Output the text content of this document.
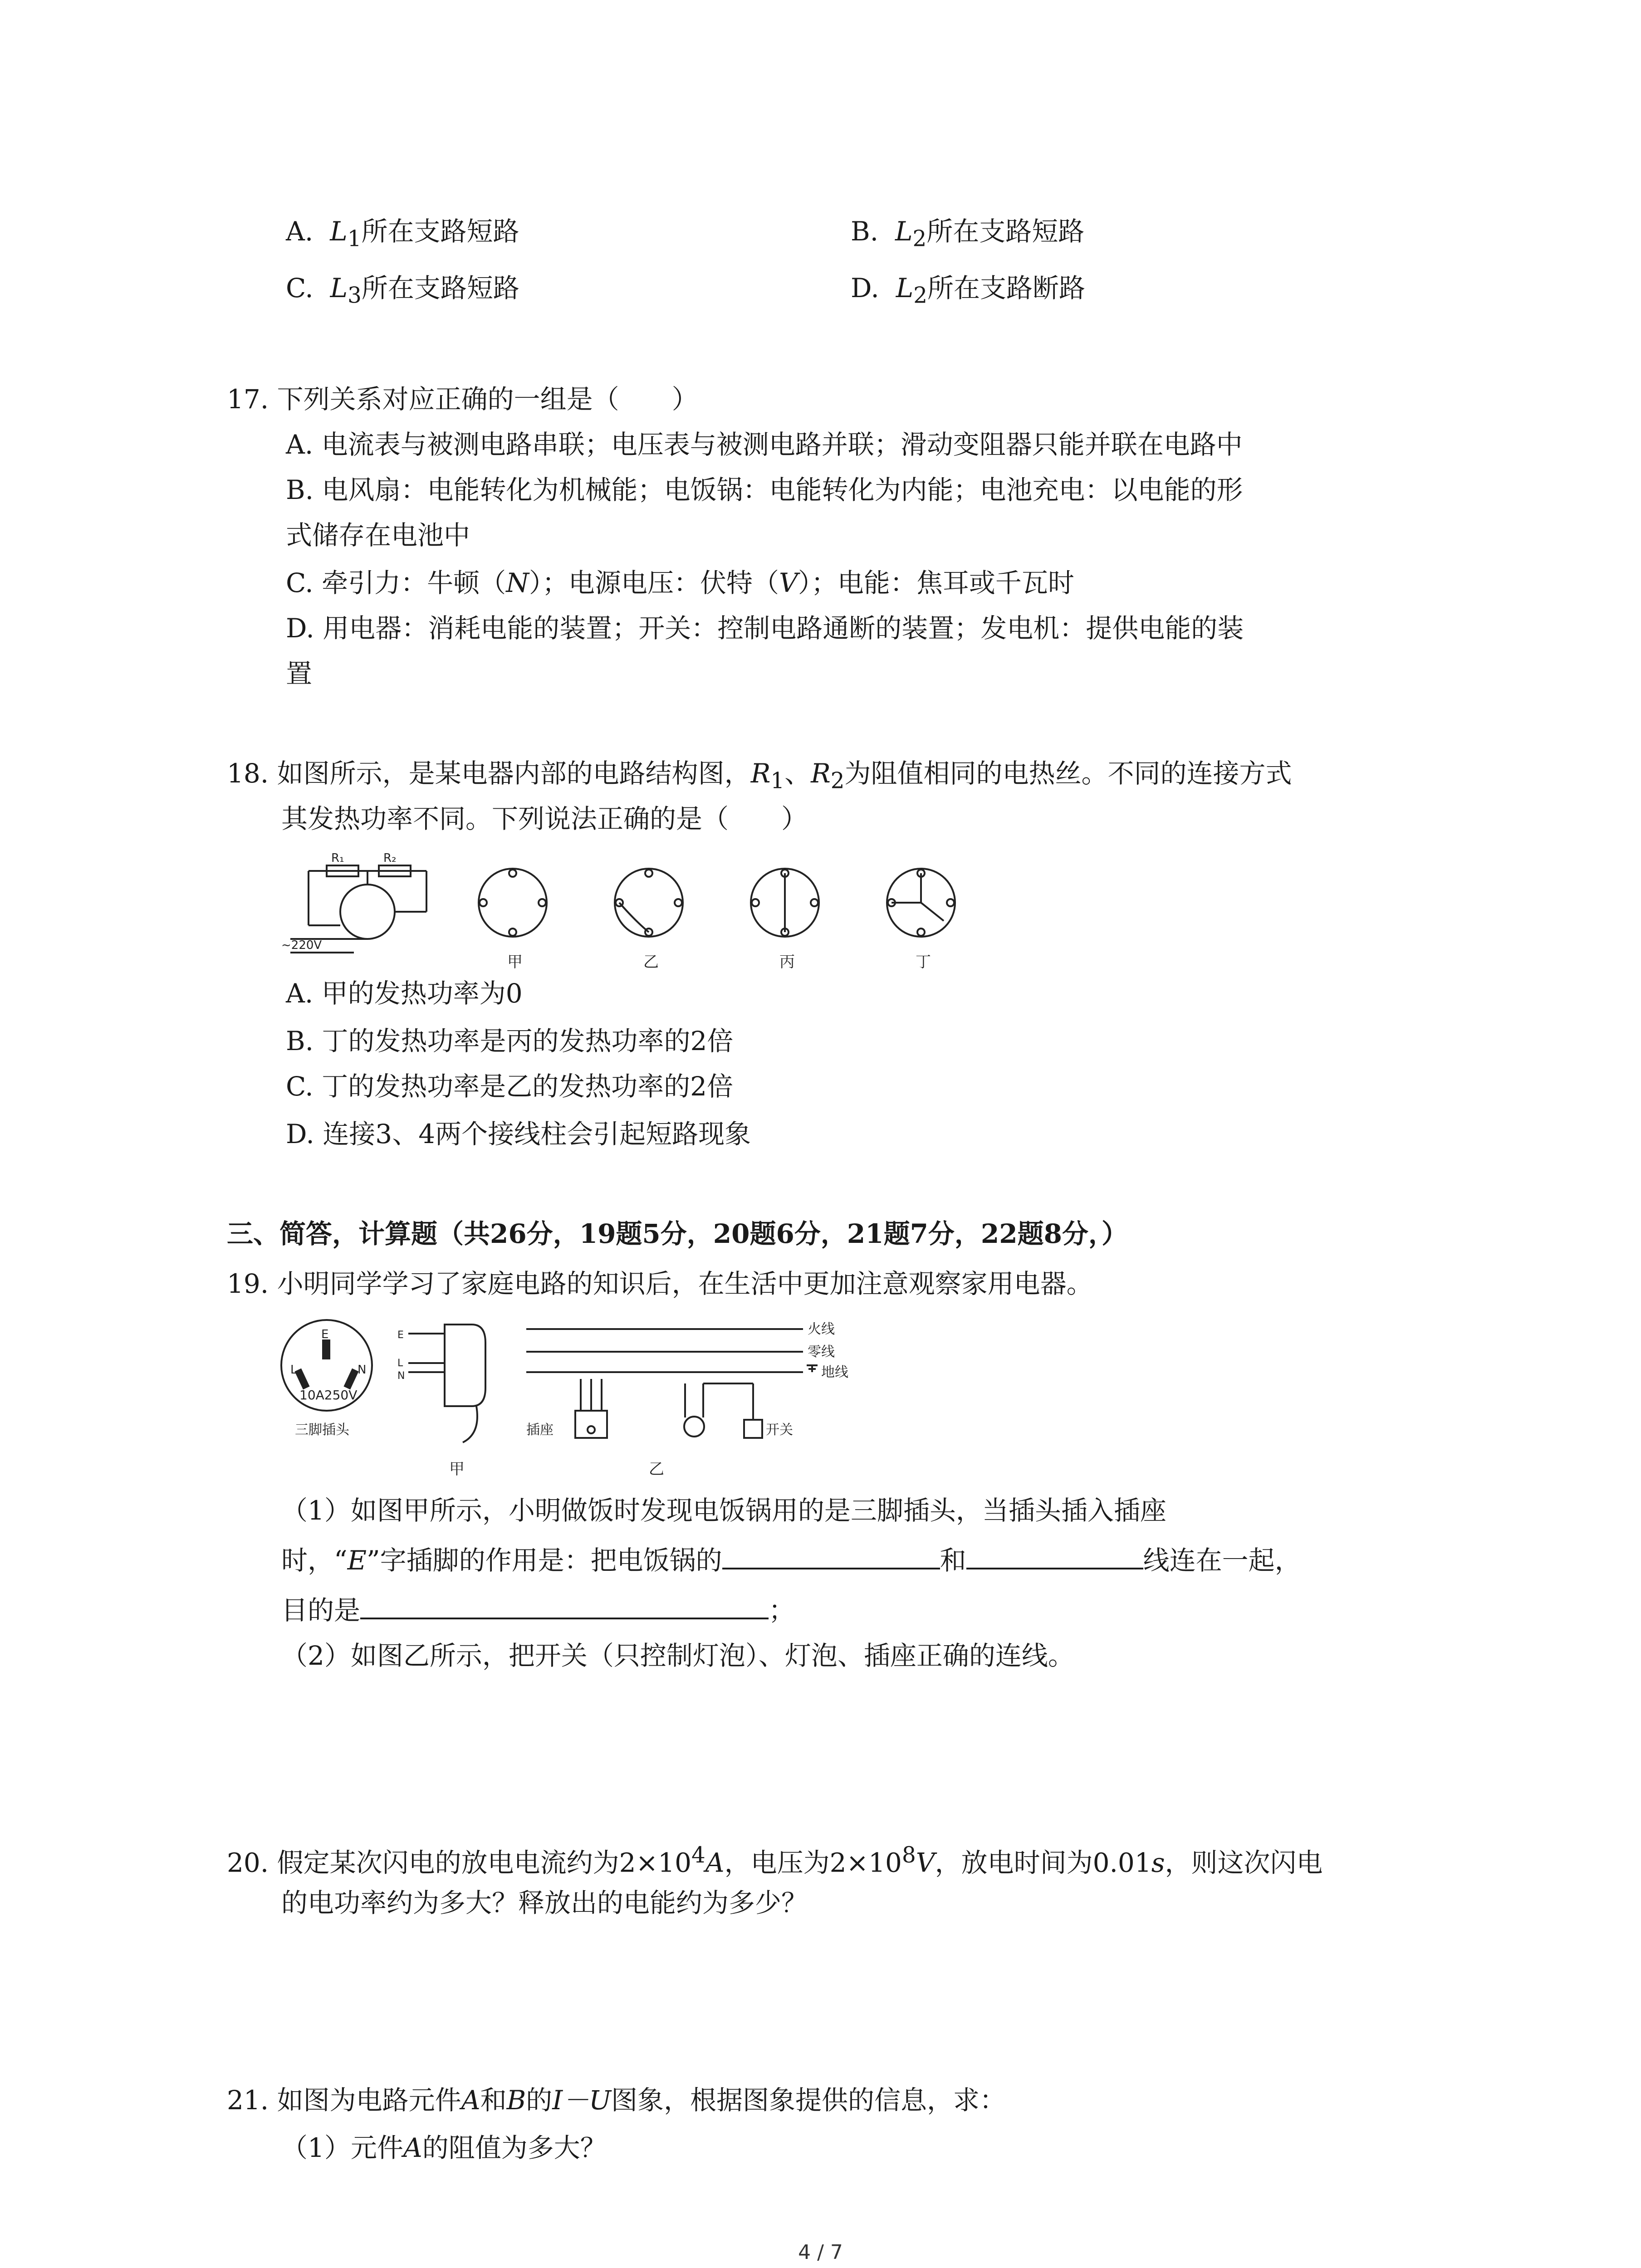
A. $L_1$所在支路短路	B. $L_2$所在支路短路
C. $L_3$所在支路短路	D. $L_2$所在支路断路
17. 下列关系对应正确的一组是（　　）
A. 电流表与被测电路串联；电压表与被测电路并联；滑动变阻器只能并联在电路中
B. 电风扇：电能转化为机械能；电饭锅：电能转化为内能；电池充电：以电能的形
式储存在电池中
C. 牵引力：牛顿（N）；电源电压：伏特（V）；电能：焦耳或千瓦时
D. 用电器：消耗电能的装置；开关：控制电路通断的装置；发电机：提供电能的装
置
18. 如图所示，是某电器内部的电路结构图，$R_1$、$R_2$为阻值相同的电热丝。不同的连接方式
其发热功率不同。下列说法正确的是（　　）
R₁	R₂
~220V
甲	乙	丙	丁
A. 甲的发热功率为0
B. 丁的发热功率是丙的发热功率的2倍
C. 丁的发热功率是乙的发热功率的2倍
D. 连接3、4两个接线柱会引起短路现象
三、简答，计算题（共26分，19题5分，20题6分，21题7分，22题8分，）
19. 小明同学学习了家庭电路的知识后，在生活中更加注意观察家用电器。
E
L	N
10A250V
三脚插头
E
L
N
甲
火线
零线
地线
插座	开关
乙
（1）如图甲所示，小明做饭时发现电饭锅用的是三脚插头，当插头插入插座
时，“E”字插脚的作用是：把电饭锅的	和	线连在一起，
目的是	；
（2）如图乙所示，把开关（只控制灯泡）、灯泡、插座正确的连线。
20. 假定某次闪电的放电电流约为$2\times 10^4A$，电压为$2\times 10^8V$，放电时间为0.01s，则这次闪电
的电功率约为多大？释放出的电能约为多少？
21. 如图为电路元件A和B的I－U图象，根据图象提供的信息，求：
（1）元件A的阻值为多大？
4 / 7
